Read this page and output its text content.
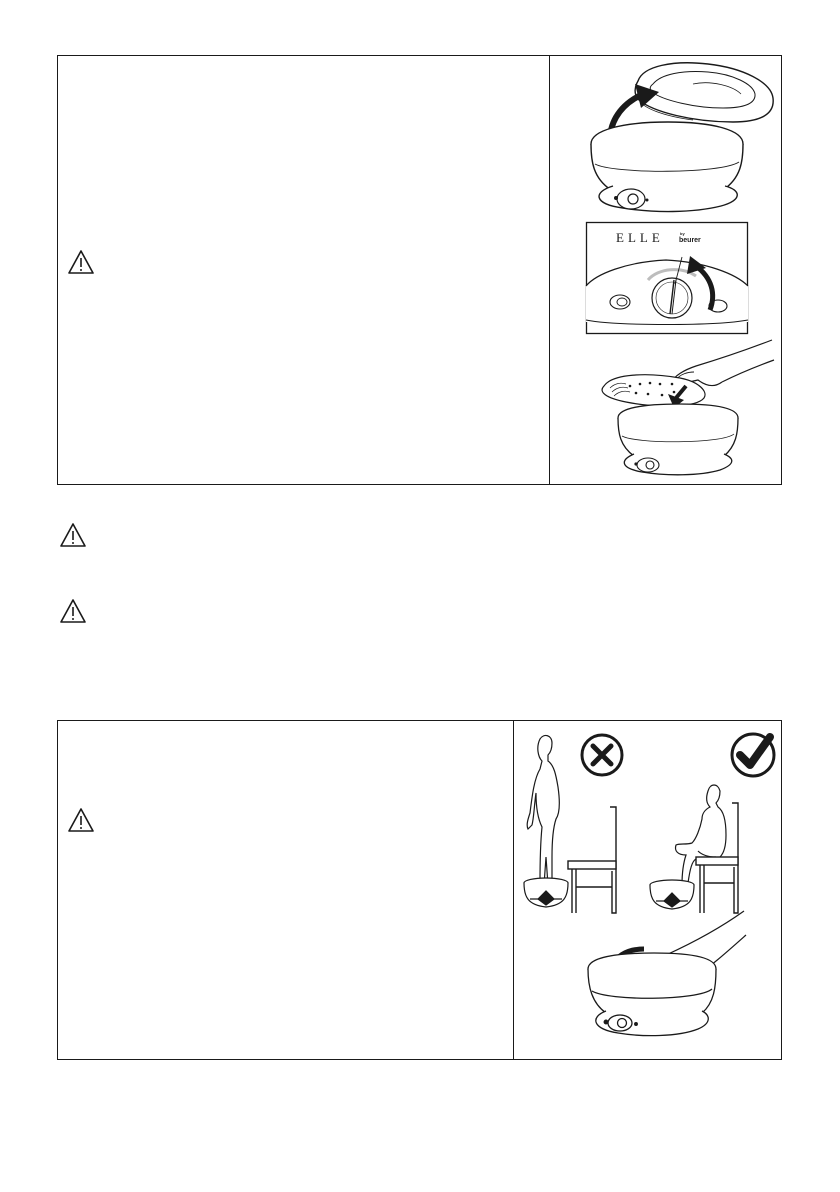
ELLE	by
beurer
